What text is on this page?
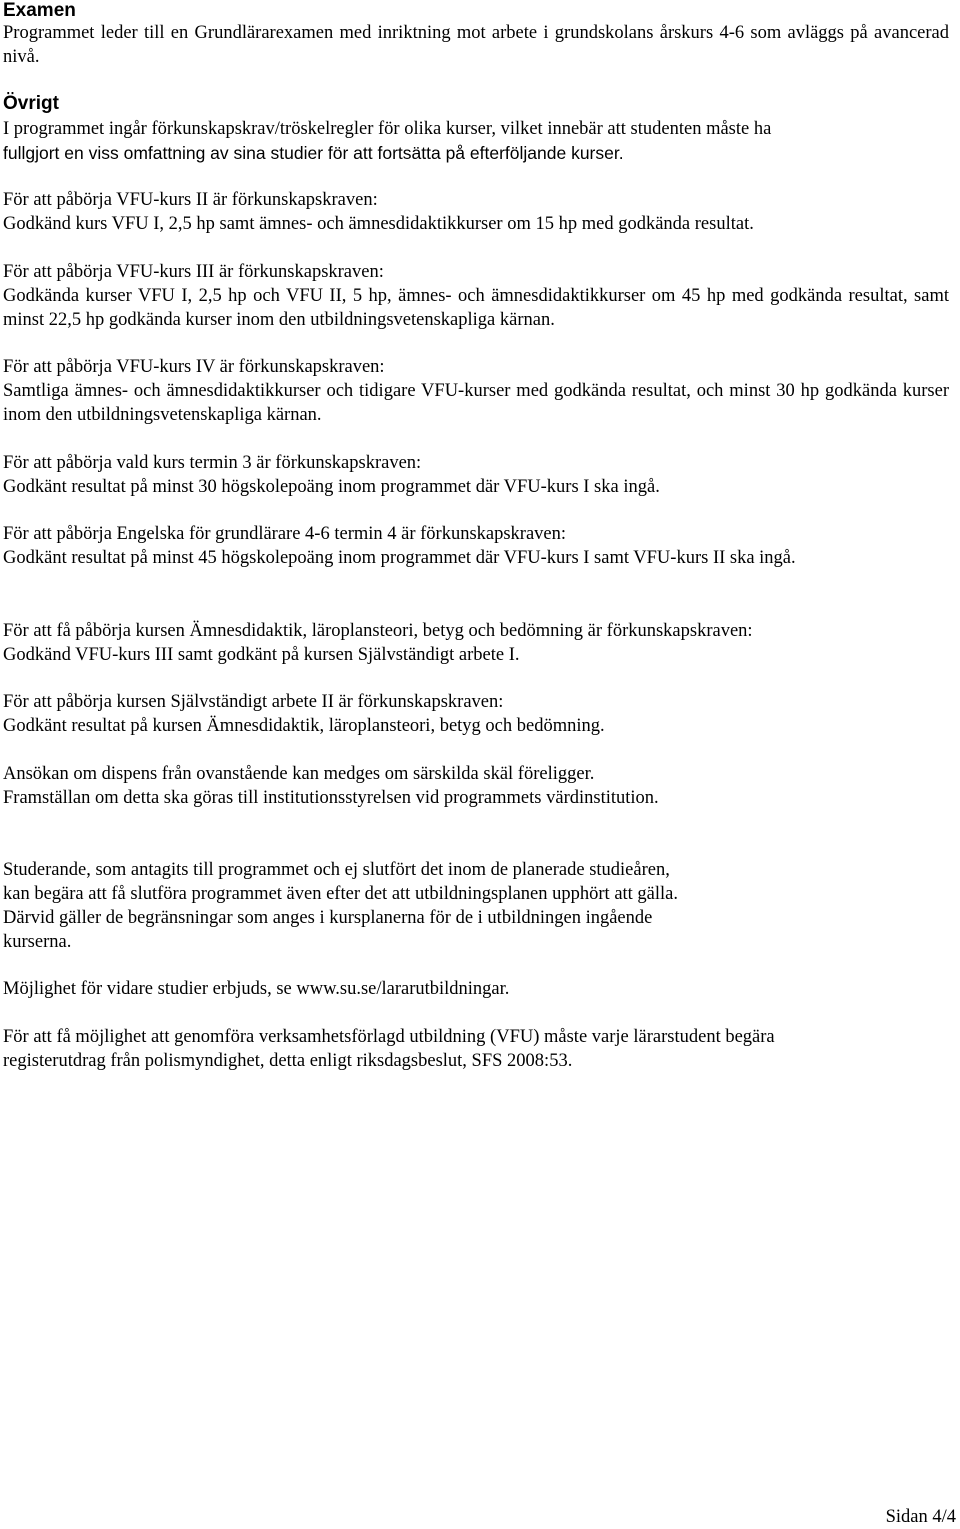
Examen

Programmet leder till en Grundlärarexamen med inriktning mot arbete i grundskolans årskurs 4-6 som avläggs på avancerad nivå.

Övrigt

I programmet ingår förkunskapskrav/tröskelregler för olika kurser, vilket innebär att studenten måste ha
fullgjort en viss omfattning av sina studier för att fortsätta på efterföljande kurser.

För att påbörja VFU-kurs II är förkunskapskraven:

Godkänd kurs VFU I, 2,5 hp samt ämnes- och ämnesdidaktikkurser om 15 hp med godkända resultat.

För att påbörja VFU-kurs III är förkunskapskraven:

Godkända kurser VFU I, 2,5 hp och VFU II, 5 hp, ämnes- och ämnesdidaktikkurser om 45 hp med godkända resultat, samt minst 22,5 hp godkända kurser inom den utbildningsvetenskapliga kärnan.

För att påbörja VFU-kurs IV är förkunskapskraven:

Samtliga ämnes- och ämnesdidaktikkurser och tidigare VFU-kurser med godkända resultat, och minst 30 hp godkända kurser inom den utbildningsvetenskapliga kärnan.

För att påbörja vald kurs termin 3 är förkunskapskraven:

Godkänt resultat på minst 30 högskolepoäng inom programmet där VFU-kurs I ska ingå.

För att påbörja Engelska för grundlärare 4-6 termin 4 är förkunskapskraven:

Godkänt resultat på minst 45 högskolepoäng inom programmet där VFU-kurs I samt VFU-kurs II ska ingå.

För att få påbörja kursen Ämnesdidaktik, läroplansteori, betyg och bedömning är förkunskapskraven:

Godkänd VFU-kurs III samt godkänt på kursen Självständigt arbete I.

För att påbörja kursen Självständigt arbete II är förkunskapskraven:

Godkänt resultat på kursen Ämnesdidaktik, läroplansteori, betyg och bedömning.

Ansökan om dispens från ovanstående kan medges om särskilda skäl föreligger.
Framställan om detta ska göras till institutionsstyrelsen vid programmets värdinstitution.

Studerande, som antagits till programmet och ej slutfört det inom de planerade studieåren,
kan begära att få slutföra programmet även efter det att utbildningsplanen upphört att gälla.
Därvid gäller de begränsningar som anges i kursplanerna för de i utbildningen ingående
kurserna.

Möjlighet för vidare studier erbjuds, se www.su.se/lararutbildningar.

För att få möjlighet att genomföra verksamhetsförlagd utbildning (VFU) måste varje lärarstudent begära
registerutdrag från polismyndighet, detta enligt riksdagsbeslut, SFS 2008:53.

Sidan 4/4
